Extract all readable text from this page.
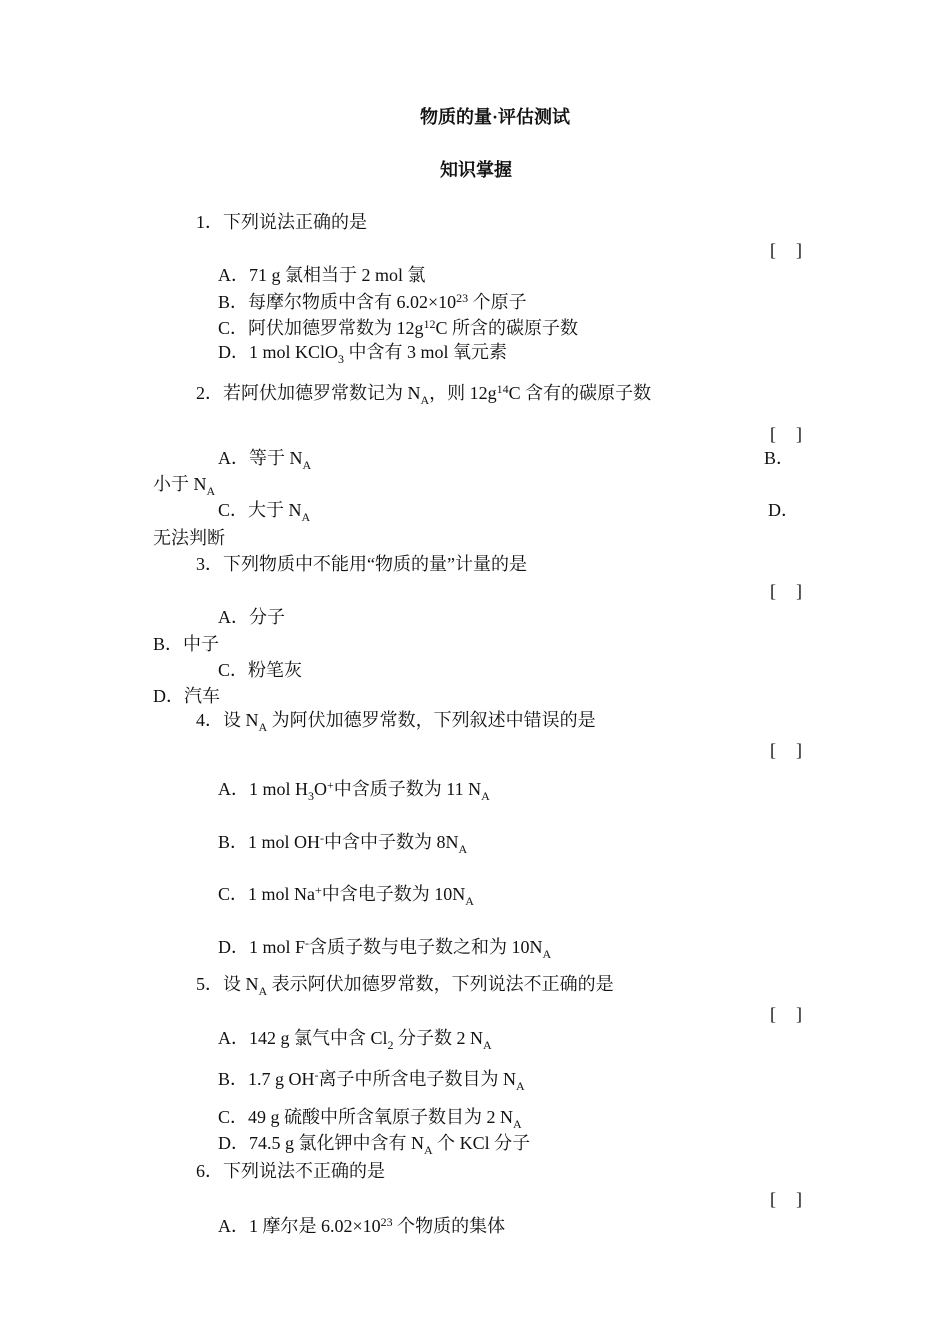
物质的量·评估测试
知识掌握
1．下列说法正确的是
[　]
A．71 g 氯相当于 2 mol 氯
B．每摩尔物质中含有 $6.02\times 10^{23}$ 个原子
C．阿伏加德罗常数为 $12g^{12}C$ 所含的碳原子数
D．1 mol KClO$_3$ 中含有 3 mol 氧元素
2．若阿伏加德罗常数记为 $N_A$，则 $12g^{14}C$ 含有的碳原子数
[　]
A．等于 $N_A$	B．
小于 $N_A$
C．大于 $N_A$	D．
无法判断
3．下列物质中不能用“物质的量”计量的是
[　]
A．分子
B．中子
C．粉笔灰
D．汽车
4．设 $N_A$ 为阿伏加德罗常数，下列叙述中错误的是
[　]
A．1 mol $H_3O^+$中含质子数为 11 $N_A$
B．1 mol OH-中含中子数为 $8N_A$
C．1 mol Na+中含电子数为 $10N_A$
D．1 mol F-含质子数与电子数之和为 $10N_A$
5．设 $N_A$ 表示阿伏加德罗常数，下列说法不正确的是
[　]
A．142 g 氯气中含 $Cl_2$ 分子数 2 $N_A$
B．1.7 g OH-离子中所含电子数目为 $N_A$
C．49 g 硫酸中所含氧原子数目为 2 $N_A$
D．74.5 g 氯化钾中含有 $N_A$ 个 KCl 分子
6．下列说法不正确的是
[　]
A．1 摩尔是 $6.02\times 10^{23}$ 个物质的集体
